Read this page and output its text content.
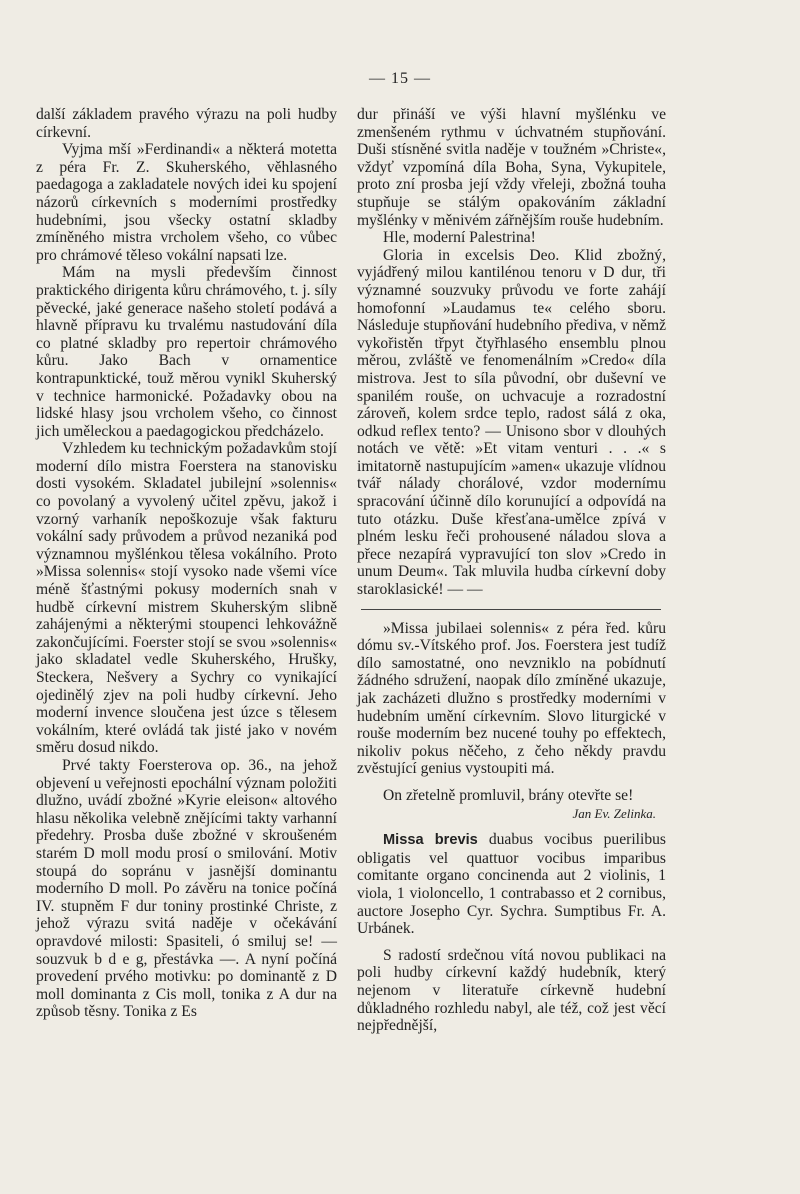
— 15 —

další základem pravého výrazu na poli hudby církevní.

Vyjma mší »Ferdinandi« a některá motetta z péra Fr. Z. Skuherského, věhlasného paedagoga a zakladatele nových idei ku spojení názorů církevních s moderními prostředky hudebními, jsou všecky ostatní skladby zmíněného mistra vrcholem všeho, co vůbec pro chrámové těleso vokální napsati lze.

Mám na mysli především činnost praktického dirigenta kůru chrámového, t. j. síly pěvecké, jaké generace našeho století podává a hlavně přípravu ku trvalému nastudování díla co platné skladby pro repertoir chrámového kůru. Jako Bach v ornamentice kontrapunktické, touž měrou vynikl Skuherský v technice harmonické. Požadavky obou na lidské hlasy jsou vrcholem všeho, co činnost jich uměleckou a paedagogickou předcházelo.

Vzhledem ku technickým požadavkům stojí moderní dílo mistra Foerstera na stanovisku dosti vysokém. Skladatel jubilejní »solennis« co povolaný a vyvolený učitel zpěvu, jakož i vzorný varhaník nepoškozuje však fakturu vokální sady průvodem a průvod nezaniká pod významnou myšlénkou tělesa vokálního. Proto »Missa solennis« stojí vysoko nade všemi více méně šťastnými pokusy moderních snah v hudbě církevní mistrem Skuherským slibně zahájenými a některými stoupenci lehkovážně zakončujícími. Foerster stojí se svou »solennis« jako skladatel vedle Skuherského, Hrušky, Steckera, Nešvery a Sychry co vynikající ojedinělý zjev na poli hudby církevní. Jeho moderní invence sloučena jest úzce s tělesem vokálním, které ovládá tak jisté jako v novém směru dosud nikdo.

Prvé takty Foersterova op. 36., na jehož objevení u veřejnosti epochální význam položiti dlužno, uvádí zbožné »Kyrie eleison« altového hlasu několika velebně znějícími takty varhanní předehry. Prosba duše zbožné v skroušeném starém D moll modu prosí o smilování. Motiv stoupá do sopránu v jasnější dominantu moderního D moll. Po závěru na tonice počíná IV. stupněm F dur toniny prostinké Christe, z jehož výrazu svitá naděje v očekávání opravdové milosti: Spasiteli, ó smiluj se! — souzvuk b d e g, přestávka —. A nyní počíná provedení prvého motivku: po dominantě z D moll dominanta z Cis moll, tonika z A dur na způsob těsny. Tonika z Es

dur přináší ve výši hlavní myšlénku ve zmenšeném rythmu v úchvatném stupňování. Duši stísněné svitla naděje v toužném »Christe«, vždyť vzpomíná díla Boha, Syna, Vykupitele, proto zní prosba její vždy vřeleji, zbožná touha stupňuje se stálým opakováním základní myšlénky v měnivém zářnějším rouše hudebním.

Hle, moderní Palestrina!

Gloria in excelsis Deo. Klid zbožný, vyjádřený milou kantilénou tenoru v D dur, tři významné souzvuky průvodu ve forte zahájí homofonní »Laudamus te« celého sboru. Následuje stupňování hudebního předivа, v němž vykořistěn třpyt čtyřhlasého ensemblu plnou měrou, zvláště ve fenomenálním »Credo« díla mistrova. Jest to síla původní, obr duševní ve spanilém rouše, on uchvacuje a rozradostní zároveň, kolem srdce teplo, radost sálá z oka, odkud reflex tento? — Unisono sbor v dlouhých notách ve větě: »Et vitam venturi . . .« s imitatorně nastupujícím »amen« ukazuje vlídnou tvář nálady chorálové, vzdor modernímu spracování účinně dílo korunující a odpovídá na tuto otázku. Duše křesťana-umělce zpívá v plném lesku řeči prohousené náladou slova a přece nezapírá vypravující ton slov »Credo in unum Deum«. Tak mluvila hudba církevní doby staroklasické! — —

»Missa jubilaei solennis« z péra řed. kůru dómu sv.-Vítského prof. Jos. Foerstera jest tudíž dílo samostatné, ono nevzniklo na pobídnutí žádného sdružení, naopak dílo zmíněné ukazuje, jak zacházeti dlužno s prostředky moderními v hudebním umění církevním. Slovo liturgické v rouše moderním bez nucené touhy po effektech, nikoliv pokus něčeho, z čeho někdy pravdu zvěstující genius vystoupiti má.

On zřetelně promluvil, brány otevřte se!

Jan Ev. Zelinka.

Missa brevis duabus vocibus puerilibus obligatis vel quattuor vocibus imparibus comitante organo concinenda aut 2 violinis, 1 viola, 1 violoncello, 1 contrabasso et 2 cornibus, auctore Josepho Cyr. Sychra. Sumptibus Fr. A. Urbánek.

S radostí srdečnou vítá novou publikaci na poli hudby církevní každý hudebník, který nejenom v literatuře církevně hudební důkladného rozhledu nabyl, ale též, což jest věcí nejpřednější,
